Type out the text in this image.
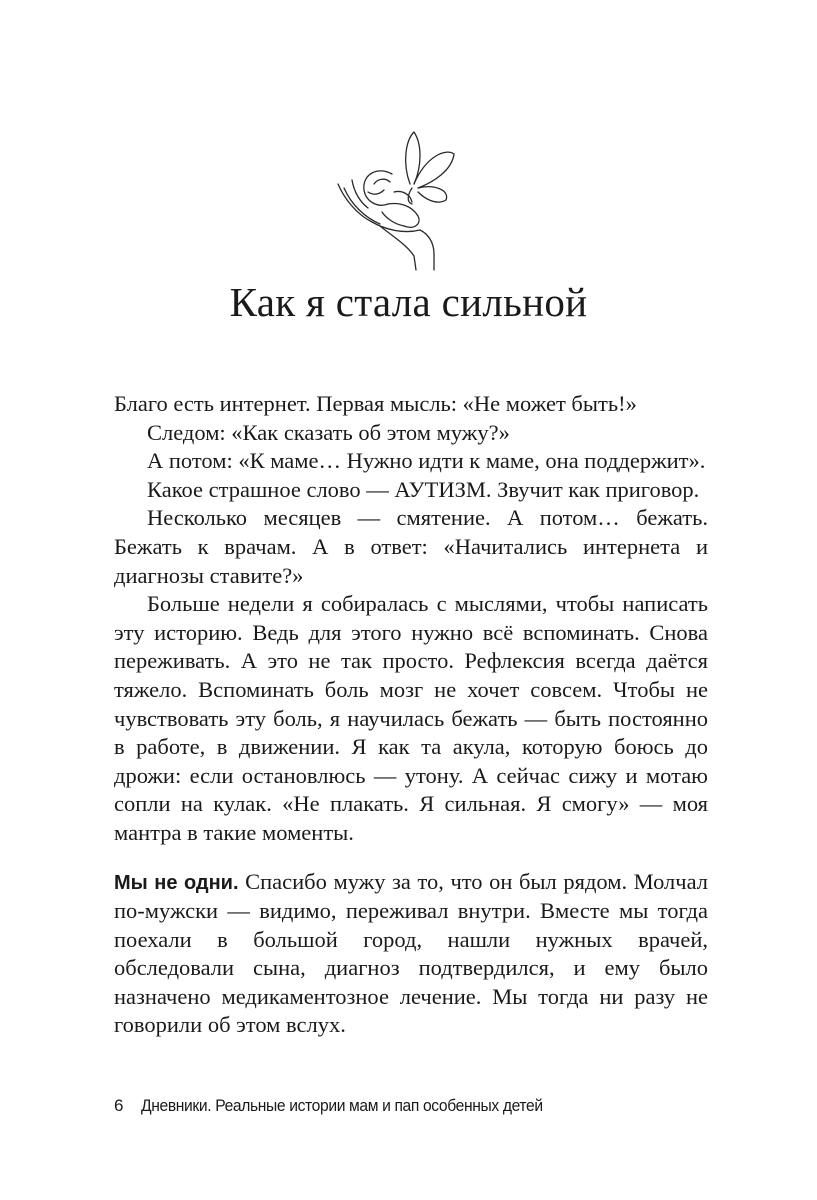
Как я стала сильной

Благо есть интернет. Первая мысль: «Не может быть!»

Следом: «Как сказать об этом мужу?»

А потом: «К маме… Нужно идти к маме, она поддержит».

Какое страшное слово — АУТИЗМ. Звучит как приговор.

Несколько месяцев — смятение. А потом… бежать. Бежать к врачам. А в ответ: «Начитались интернета и диагнозы ставите?»

Больше недели я собиралась с мыслями, чтобы написать эту историю. Ведь для этого нужно всё вспоминать. Снова переживать. А это не так просто. Рефлексия всегда даётся тяжело. Вспоминать боль мозг не хочет совсем. Чтобы не чувствовать эту боль, я научилась бежать — быть постоянно в работе, в движении. Я как та акула, которую боюсь до дрожи: если остановлюсь — утону. А сейчас сижу и мотаю сопли на кулак. «Не плакать. Я сильная. Я смогу» — моя мантра в такие моменты.

Мы не одни. Спасибо мужу за то, что он был рядом. Молчал по-мужски — видимо, переживал внутри. Вместе мы тогда поехали в большой город, нашли нужных врачей, обследовали сына, диагноз подтвердился, и ему было назначено медикаментозное лечение. Мы тогда ни разу не говорили об этом вслух.

6 Дневники. Реальные истории мам и пап особенных детей
